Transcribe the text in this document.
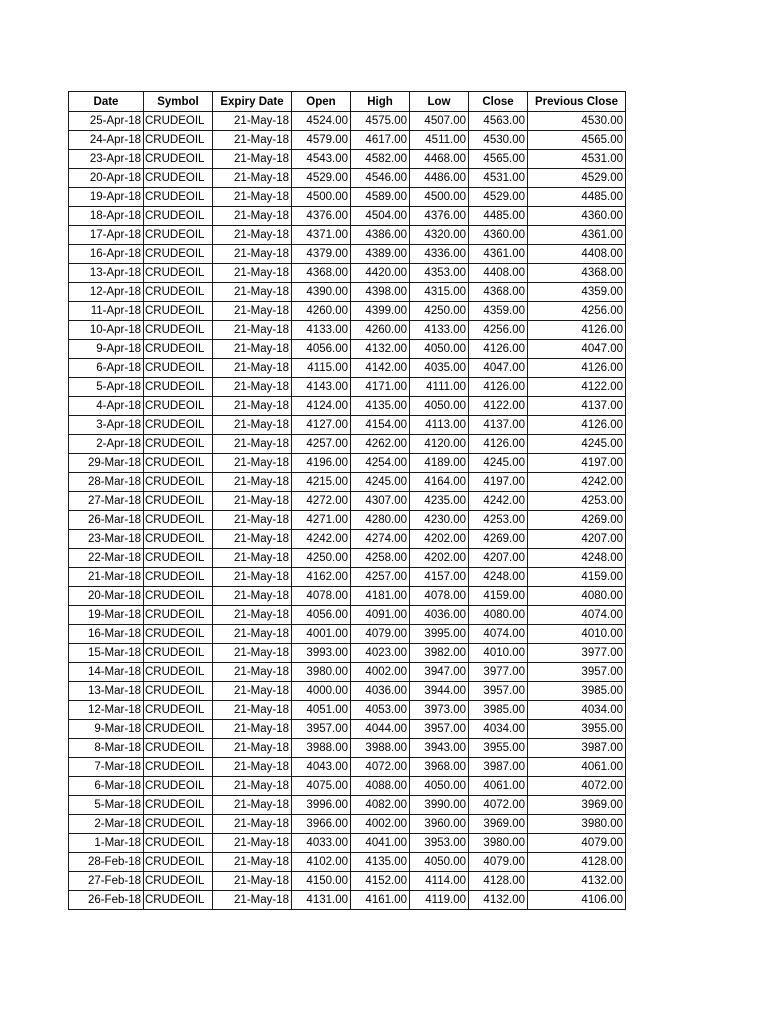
Date	Symbol	Expiry Date	Open	High	Low	Close	Previous Close
25-Apr-18	CRUDEOIL	21-May-18	4524.00	4575.00	4507.00	4563.00	4530.00
24-Apr-18	CRUDEOIL	21-May-18	4579.00	4617.00	4511.00	4530.00	4565.00
23-Apr-18	CRUDEOIL	21-May-18	4543.00	4582.00	4468.00	4565.00	4531.00
20-Apr-18	CRUDEOIL	21-May-18	4529.00	4546.00	4486.00	4531.00	4529.00
19-Apr-18	CRUDEOIL	21-May-18	4500.00	4589.00	4500.00	4529.00	4485.00
18-Apr-18	CRUDEOIL	21-May-18	4376.00	4504.00	4376.00	4485.00	4360.00
17-Apr-18	CRUDEOIL	21-May-18	4371.00	4386.00	4320.00	4360.00	4361.00
16-Apr-18	CRUDEOIL	21-May-18	4379.00	4389.00	4336.00	4361.00	4408.00
13-Apr-18	CRUDEOIL	21-May-18	4368.00	4420.00	4353.00	4408.00	4368.00
12-Apr-18	CRUDEOIL	21-May-18	4390.00	4398.00	4315.00	4368.00	4359.00
11-Apr-18	CRUDEOIL	21-May-18	4260.00	4399.00	4250.00	4359.00	4256.00
10-Apr-18	CRUDEOIL	21-May-18	4133.00	4260.00	4133.00	4256.00	4126.00
9-Apr-18	CRUDEOIL	21-May-18	4056.00	4132.00	4050.00	4126.00	4047.00
6-Apr-18	CRUDEOIL	21-May-18	4115.00	4142.00	4035.00	4047.00	4126.00
5-Apr-18	CRUDEOIL	21-May-18	4143.00	4171.00	4111.00	4126.00	4122.00
4-Apr-18	CRUDEOIL	21-May-18	4124.00	4135.00	4050.00	4122.00	4137.00
3-Apr-18	CRUDEOIL	21-May-18	4127.00	4154.00	4113.00	4137.00	4126.00
2-Apr-18	CRUDEOIL	21-May-18	4257.00	4262.00	4120.00	4126.00	4245.00
29-Mar-18	CRUDEOIL	21-May-18	4196.00	4254.00	4189.00	4245.00	4197.00
28-Mar-18	CRUDEOIL	21-May-18	4215.00	4245.00	4164.00	4197.00	4242.00
27-Mar-18	CRUDEOIL	21-May-18	4272.00	4307.00	4235.00	4242.00	4253.00
26-Mar-18	CRUDEOIL	21-May-18	4271.00	4280.00	4230.00	4253.00	4269.00
23-Mar-18	CRUDEOIL	21-May-18	4242.00	4274.00	4202.00	4269.00	4207.00
22-Mar-18	CRUDEOIL	21-May-18	4250.00	4258.00	4202.00	4207.00	4248.00
21-Mar-18	CRUDEOIL	21-May-18	4162.00	4257.00	4157.00	4248.00	4159.00
20-Mar-18	CRUDEOIL	21-May-18	4078.00	4181.00	4078.00	4159.00	4080.00
19-Mar-18	CRUDEOIL	21-May-18	4056.00	4091.00	4036.00	4080.00	4074.00
16-Mar-18	CRUDEOIL	21-May-18	4001.00	4079.00	3995.00	4074.00	4010.00
15-Mar-18	CRUDEOIL	21-May-18	3993.00	4023.00	3982.00	4010.00	3977.00
14-Mar-18	CRUDEOIL	21-May-18	3980.00	4002.00	3947.00	3977.00	3957.00
13-Mar-18	CRUDEOIL	21-May-18	4000.00	4036.00	3944.00	3957.00	3985.00
12-Mar-18	CRUDEOIL	21-May-18	4051.00	4053.00	3973.00	3985.00	4034.00
9-Mar-18	CRUDEOIL	21-May-18	3957.00	4044.00	3957.00	4034.00	3955.00
8-Mar-18	CRUDEOIL	21-May-18	3988.00	3988.00	3943.00	3955.00	3987.00
7-Mar-18	CRUDEOIL	21-May-18	4043.00	4072.00	3968.00	3987.00	4061.00
6-Mar-18	CRUDEOIL	21-May-18	4075.00	4088.00	4050.00	4061.00	4072.00
5-Mar-18	CRUDEOIL	21-May-18	3996.00	4082.00	3990.00	4072.00	3969.00
2-Mar-18	CRUDEOIL	21-May-18	3966.00	4002.00	3960.00	3969.00	3980.00
1-Mar-18	CRUDEOIL	21-May-18	4033.00	4041.00	3953.00	3980.00	4079.00
28-Feb-18	CRUDEOIL	21-May-18	4102.00	4135.00	4050.00	4079.00	4128.00
27-Feb-18	CRUDEOIL	21-May-18	4150.00	4152.00	4114.00	4128.00	4132.00
26-Feb-18	CRUDEOIL	21-May-18	4131.00	4161.00	4119.00	4132.00	4106.00
